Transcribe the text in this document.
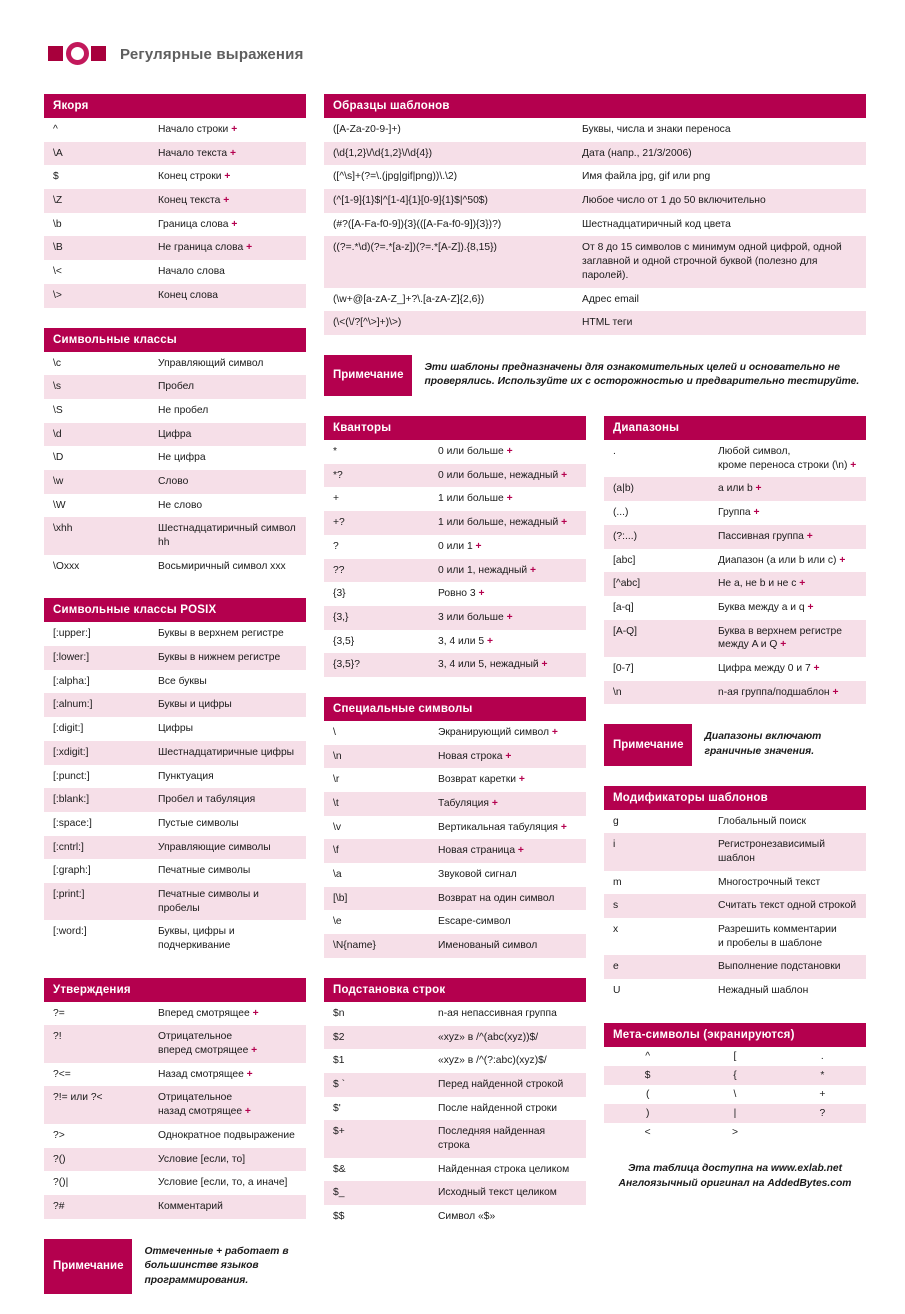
Регулярные выражения
Якоря
^	Начало строки +
\A	Начало текста +
$	Конец строки +
\Z	Конец текста +
\b	Граница слова +
\B	Не граница слова +
\<	Начало слова
\>	Конец слова
Символьные классы
\c	Управляющий символ
\s	Пробел
\S	Не пробел
\d	Цифра
\D	Не цифра
\w	Слово
\W	Не слово
\xhh	Шестнадцатиричный символ hh
\Oxxx	Восьмиричный символ xxx
Символьные классы POSIX
[:upper:]	Буквы в верхнем регистре
[:lower:]	Буквы в нижнем регистре
[:alpha:]	Все буквы
[:alnum:]	Буквы и цифры
[:digit:]	Цифры
[:xdigit:]	Шестнадцатиричные цифры
[:punct:]	Пунктуация
[:blank:]	Пробел и табуляция
[:space:]	Пустые символы
[:cntrl:]	Управляющие символы
[:graph:]	Печатные символы
[:print:]	Печатные символы и пробелы
[:word:]	Буквы, цифры и подчеркивание
Утверждения
?=	Вперед смотрящее +
?!	Отрицательное
вперед смотрящее +
?<=	Назад смотрящее +
?!= или ?<	Отрицательное
назад смотрящее +
?>	Однократное подвыражение
?()	Условие [если, то]
?()|	Условие [если, то, а иначе]
?#	Комментарий
Примечание
Отмеченные + работает в большинстве языков программирования.
Образцы шаблонов
([A-Za-z0-9-]+)	Буквы, числа и знаки переноса
(\d{1,2}\/\d{1,2}\/\d{4})	Дата (напр., 21/3/2006)
([^\s]+(?=\.(jpg|gif|png))\.\2)	Имя файла jpg, gif или png
(^[1-9]{1}$|^[1-4]{1}[0-9]{1}$|^50$)	Любое число от 1 до 50 включительно
(#?([A-Fa-f0-9]){3}(([A-Fa-f0-9]){3})?)	Шестнадцатиричный код цвета
((?=.*\d)(?=.*[a-z])(?=.*[A-Z]).{8,15})	От 8 до 15 символов с минимум одной цифрой, одной заглавной и одной строчной буквой (полезно для паролей).
(\w+@[a-zA-Z_]+?\.[a-zA-Z]{2,6})	Адрес email
(\<(\/?[^\>]+)\>)	HTML теги
Примечание
Эти шаблоны предназначены для ознакомительных целей и основательно не проверялись. Используйте их с осторожностью и предварительно тестируйте.
Кванторы
*	0 или больше +
*?	0 или больше, нежадный +
+	1 или больше +
+?	1 или больше, нежадный +
?	0 или 1 +
??	0 или 1, нежадный +
{3}	Ровно 3 +
{3,}	3 или больше +
{3,5}	3, 4 или 5 +
{3,5}?	3, 4 или 5, нежадный +
Специальные символы
\	Экранирующий символ +
\n	Новая строка +
\r	Возврат каретки +
\t	Табуляция +
\v	Вертикальная табуляция +
\f	Новая страница +
\a	Звуковой сигнал
[\b]	Возврат на один символ
\e	Escape-символ
\N{name}	Именованый символ
Подстановка строк
$n	n-ая непассивная группа
$2	«xyz» в /^(abc(xyz))$/
$1	«xyz» в /^(?:abc)(xyz)$/
$ `	Перед найденной строкой
$'	После найденной строки
$+	Последняя найденная строка
$&	Найденная строка целиком
$_	Исходный текст целиком
$$	Символ «$»
Диапазоны
.	Любой символ,
кроме переноса строки (\n) +
(a|b)	a или b +
(...)	Группа +
(?:...)	Пассивная группа +
[abc]	Диапазон (a или b или c) +
[^abc]	Не a, не b и не c +
[a-q]	Буква между a и q +
[A-Q]	Буква в верхнем регистре
между A и Q +
[0-7]	Цифра между 0 и 7 +
\n	n-ая группа/подшаблон +
Примечание
Диапазоны включают граничные значения.
Модификаторы шаблонов
g	Глобальный поиск
i	Регистронезависимый шаблон
m	Многострочный текст
s	Считать текст одной строкой
x	Разрешить комментарии
и пробелы в шаблоне
e	Выполнение подстановки
U	Нежадный шаблон
Мета-символы (экранируются)
^	[	.
$	{	*
(	\	+
)	|	?
<	>
Эта таблица доступна на www.exlab.net
Англоязычный оригинал на AddedBytes.com
